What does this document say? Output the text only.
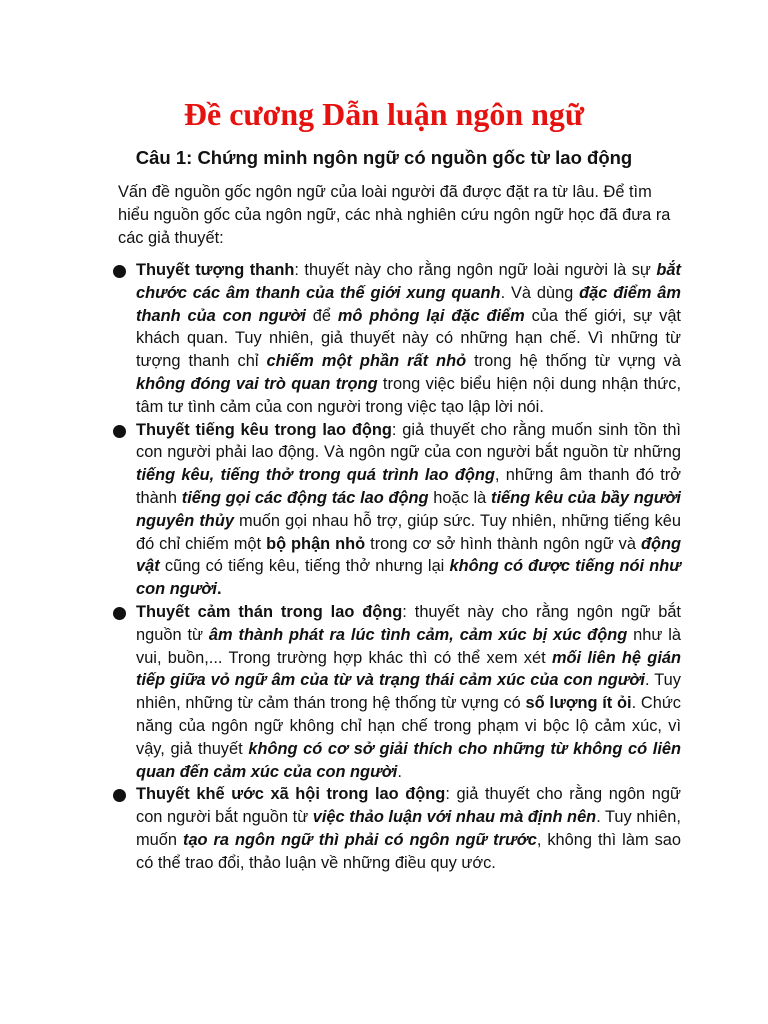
Đề cương Dẫn luận ngôn ngữ
Câu 1: Chứng minh ngôn ngữ có nguồn gốc từ lao động

Vấn đề nguồn gốc ngôn ngữ của loài người đã được đặt ra từ lâu. Để tìm hiểu nguồn gốc của ngôn ngữ, các nhà nghiên cứu ngôn ngữ học đã đưa ra các giả thuyết:

Thuyết tượng thanh: thuyết này cho rằng ngôn ngữ loài người là sự bắt chước các âm thanh của thế giới xung quanh. Và dùng đặc điểm âm thanh của con người để mô phỏng lại đặc điểm của thế giới, sự vật khách quan. Tuy nhiên, giả thuyết này có những hạn chế. Vì những từ tượng thanh chỉ chiếm một phần rất nhỏ trong hệ thống từ vựng và không đóng vai trò quan trọng trong việc biểu hiện nội dung nhận thức, tâm tư tình cảm của con người trong việc tạo lập lời nói.
Thuyết tiếng kêu trong lao động: giả thuyết cho rằng muốn sinh tồn thì con người phải lao động. Và ngôn ngữ của con người bắt nguồn từ những tiếng kêu, tiếng thở trong quá trình lao động, những âm thanh đó trở thành tiếng gọi các động tác lao động hoặc là tiếng kêu của bầy người nguyên thủy muốn gọi nhau hỗ trợ, giúp sức. Tuy nhiên, những tiếng kêu đó chỉ chiếm một bộ phận nhỏ trong cơ sở hình thành ngôn ngữ và động vật cũng có tiếng kêu, tiếng thở nhưng lại không có được tiếng nói như con người.
Thuyết cảm thán trong lao động: thuyết này cho rằng ngôn ngữ bắt nguồn từ âm thành phát ra lúc tình cảm, cảm xúc bị xúc động như là vui, buồn,... Trong trường hợp khác thì có thể xem xét mối liên hệ gián tiếp giữa vỏ ngữ âm của từ và trạng thái cảm xúc của con người. Tuy nhiên, những từ cảm thán trong hệ thống từ vựng có số lượng ít ỏi. Chức năng của ngôn ngữ không chỉ hạn chế trong phạm vi bộc lộ cảm xúc, vì vậy, giả thuyết không có cơ sở giải thích cho những từ không có liên quan đến cảm xúc của con người.
Thuyết khế ước xã hội trong lao động: giả thuyết cho rằng ngôn ngữ con người bắt nguồn từ việc thảo luận với nhau mà định nên. Tuy nhiên, muốn tạo ra ngôn ngữ thì phải có ngôn ngữ trước, không thì làm sao có thể trao đổi, thảo luận về những điều quy ước.
